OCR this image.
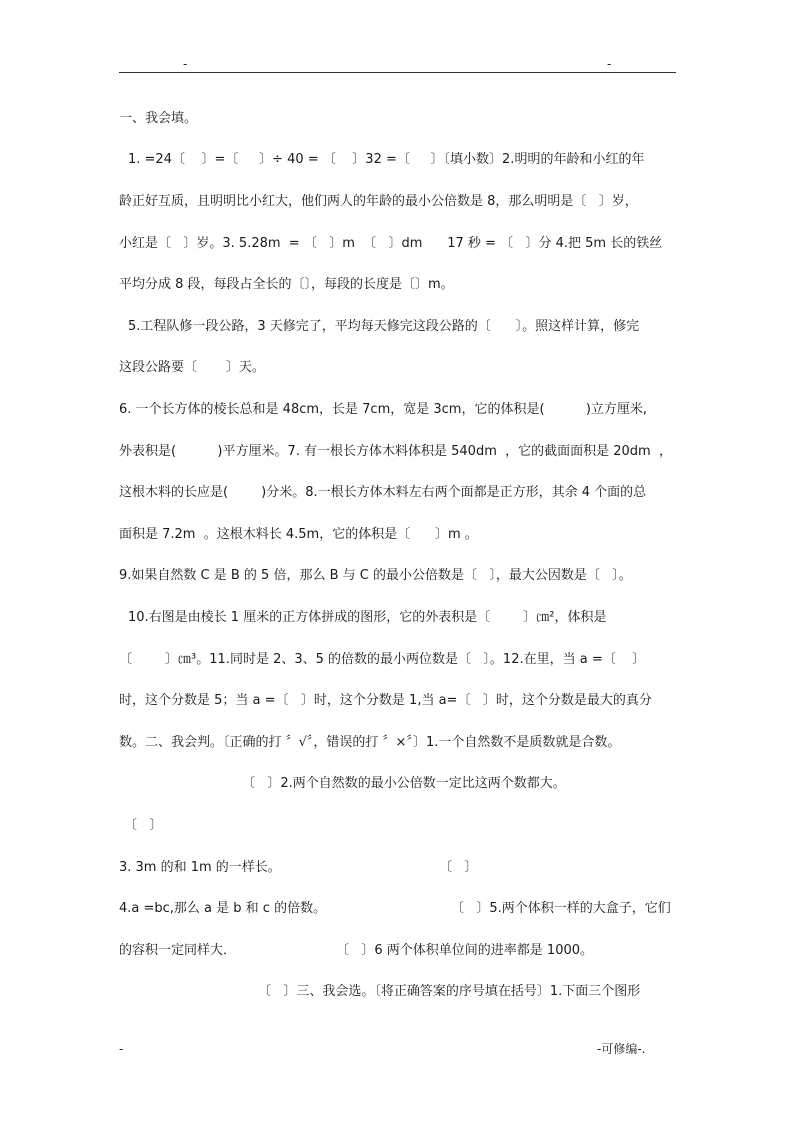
-	-
一、我会填。
1. =24〔    〕=〔     〕÷ 40 = 〔    〕32 =〔     〕〔填小数〕2.明明的年龄和小红的年
龄正好互质，且明明比小红大，他们两人的年龄的最小公倍数是 8，那么明明是〔   〕岁，
小红是〔   〕岁。3. 5.28m  = 〔   〕m  〔   〕dm      17 秒 = 〔   〕分 4.把 5m 长的铁丝
平均分成 8 段，每段占全长的〔〕，每段的长度是〔〕m。
5.工程队修一段公路，3 天修完了，平均每天修完这段公路的〔      〕。照这样计算，修完
这段公路要〔       〕天。
6. 一个长方体的棱长总和是 48cm，长是 7cm，宽是 3cm，它的体积是(          )立方厘米,
外表积是(          )平方厘米。7. 有一根长方体木料体积是 540dm  ，它的截面面积是 20dm  ，
这根木料的长应是(        )分米。8.一根长方体木料左右两个面都是正方形，其余 4 个面的总
面积是 7.2m  。这根木料长 4.5m，它的体积是〔      〕m 。
9.如果自然数 C 是 B 的 5 倍，那么 B 与 C 的最小公倍数是〔   〕，最大公因数是〔   〕。
10.右图是由棱长 1 厘米的正方体拼成的图形，它的外表积是〔        〕㎝²，体积是
〔        〕㎝³。11.同时是 2、3、5 的倍数的最小两位数是〔   〕。12.在里，当 a =〔    〕
时，这个分数是 5；当 a =〔   〕时，这个分数是 1,当 a=〔   〕时，这个分数是最大的真分
数。二、我会判。〔正确的打 〞√〞，错误的打 〞×〞〕1.一个自然数不是质数就是合数。
〔   〕2.两个自然数的最小公倍数一定比这两个数都大。
〔   〕
3. 3m 的和 1m 的一样长。	〔   〕
4.a =bc,那么 a 是 b 和 c 的倍数。	〔   〕5.两个体积一样的大盒子，它们
的容积一定同样大．	〔   〕6 两个体积单位间的进率都是 1000。
〔   〕三、我会选。〔将正确答案的序号填在括号〕1.下面三个图形
-	-可修编-.
